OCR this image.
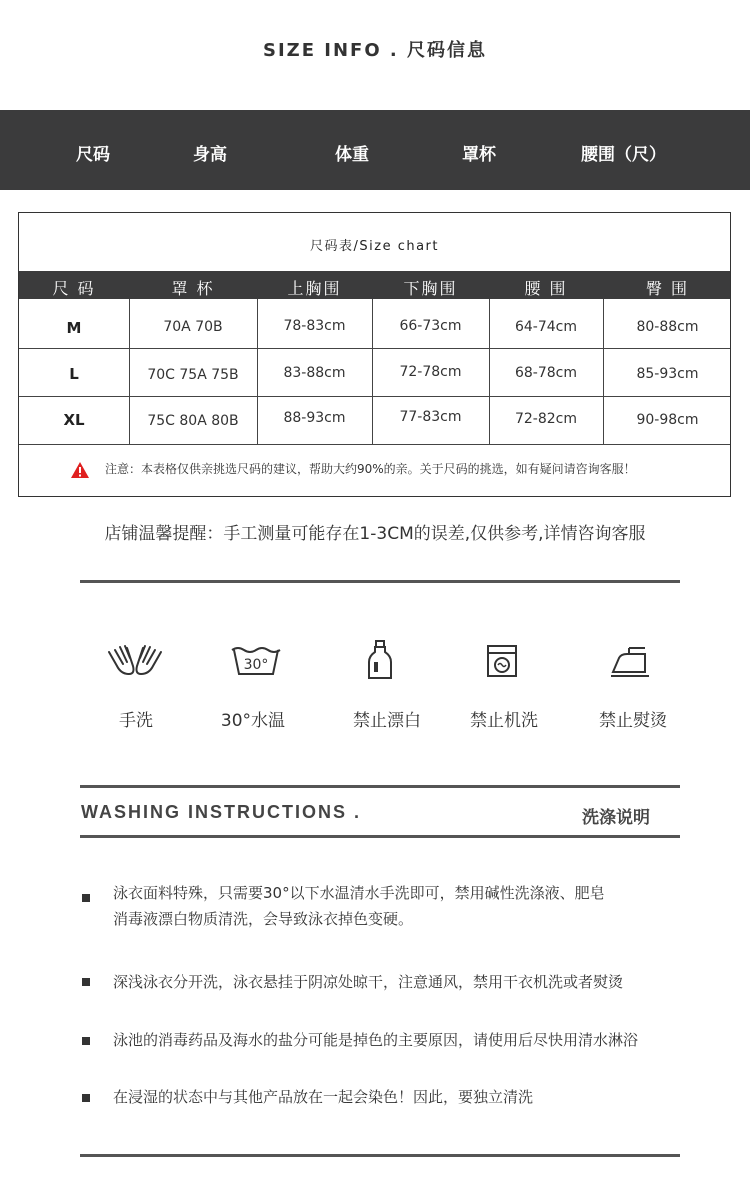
SIZE INFO . 尺码信息
尺码	身高	体重	罩杯	腰围（尺）
尺码表/Size chart
尺 码	罩 杯	上胸围	下胸围	腰 围	臀 围
M	70A 70B	78-83cm	66-73cm	64-74cm	80-88cm
L	70C 75A 75B	83-88cm	72-78cm	68-78cm	85-93cm
XL	75C 80A 80B	88-93cm	77-83cm	72-82cm	90-98cm
注意：本表格仅供亲挑选尺码的建议，帮助大约90%的亲。关于尺码的挑选，如有疑问请咨询客服！
店铺温馨提醒：手工测量可能存在1-3CM的误差,仅供参考,详情咨询客服
30°
手洗	30°水温	禁止漂白	禁止机洗	禁止熨烫
WASHING INSTRUCTIONS .	洗涤说明
泳衣面料特殊，只需要30°以下水温清水手洗即可，禁用碱性洗涤液、肥皂
消毒液漂白物质清洗，会导致泳衣掉色变硬。
深浅泳衣分开洗，泳衣悬挂于阴凉处晾干，注意通风，禁用干衣机洗或者熨烫
泳池的消毒药品及海水的盐分可能是掉色的主要原因，请使用后尽快用清水淋浴
在浸湿的状态中与其他产品放在一起会染色！因此，要独立清洗
